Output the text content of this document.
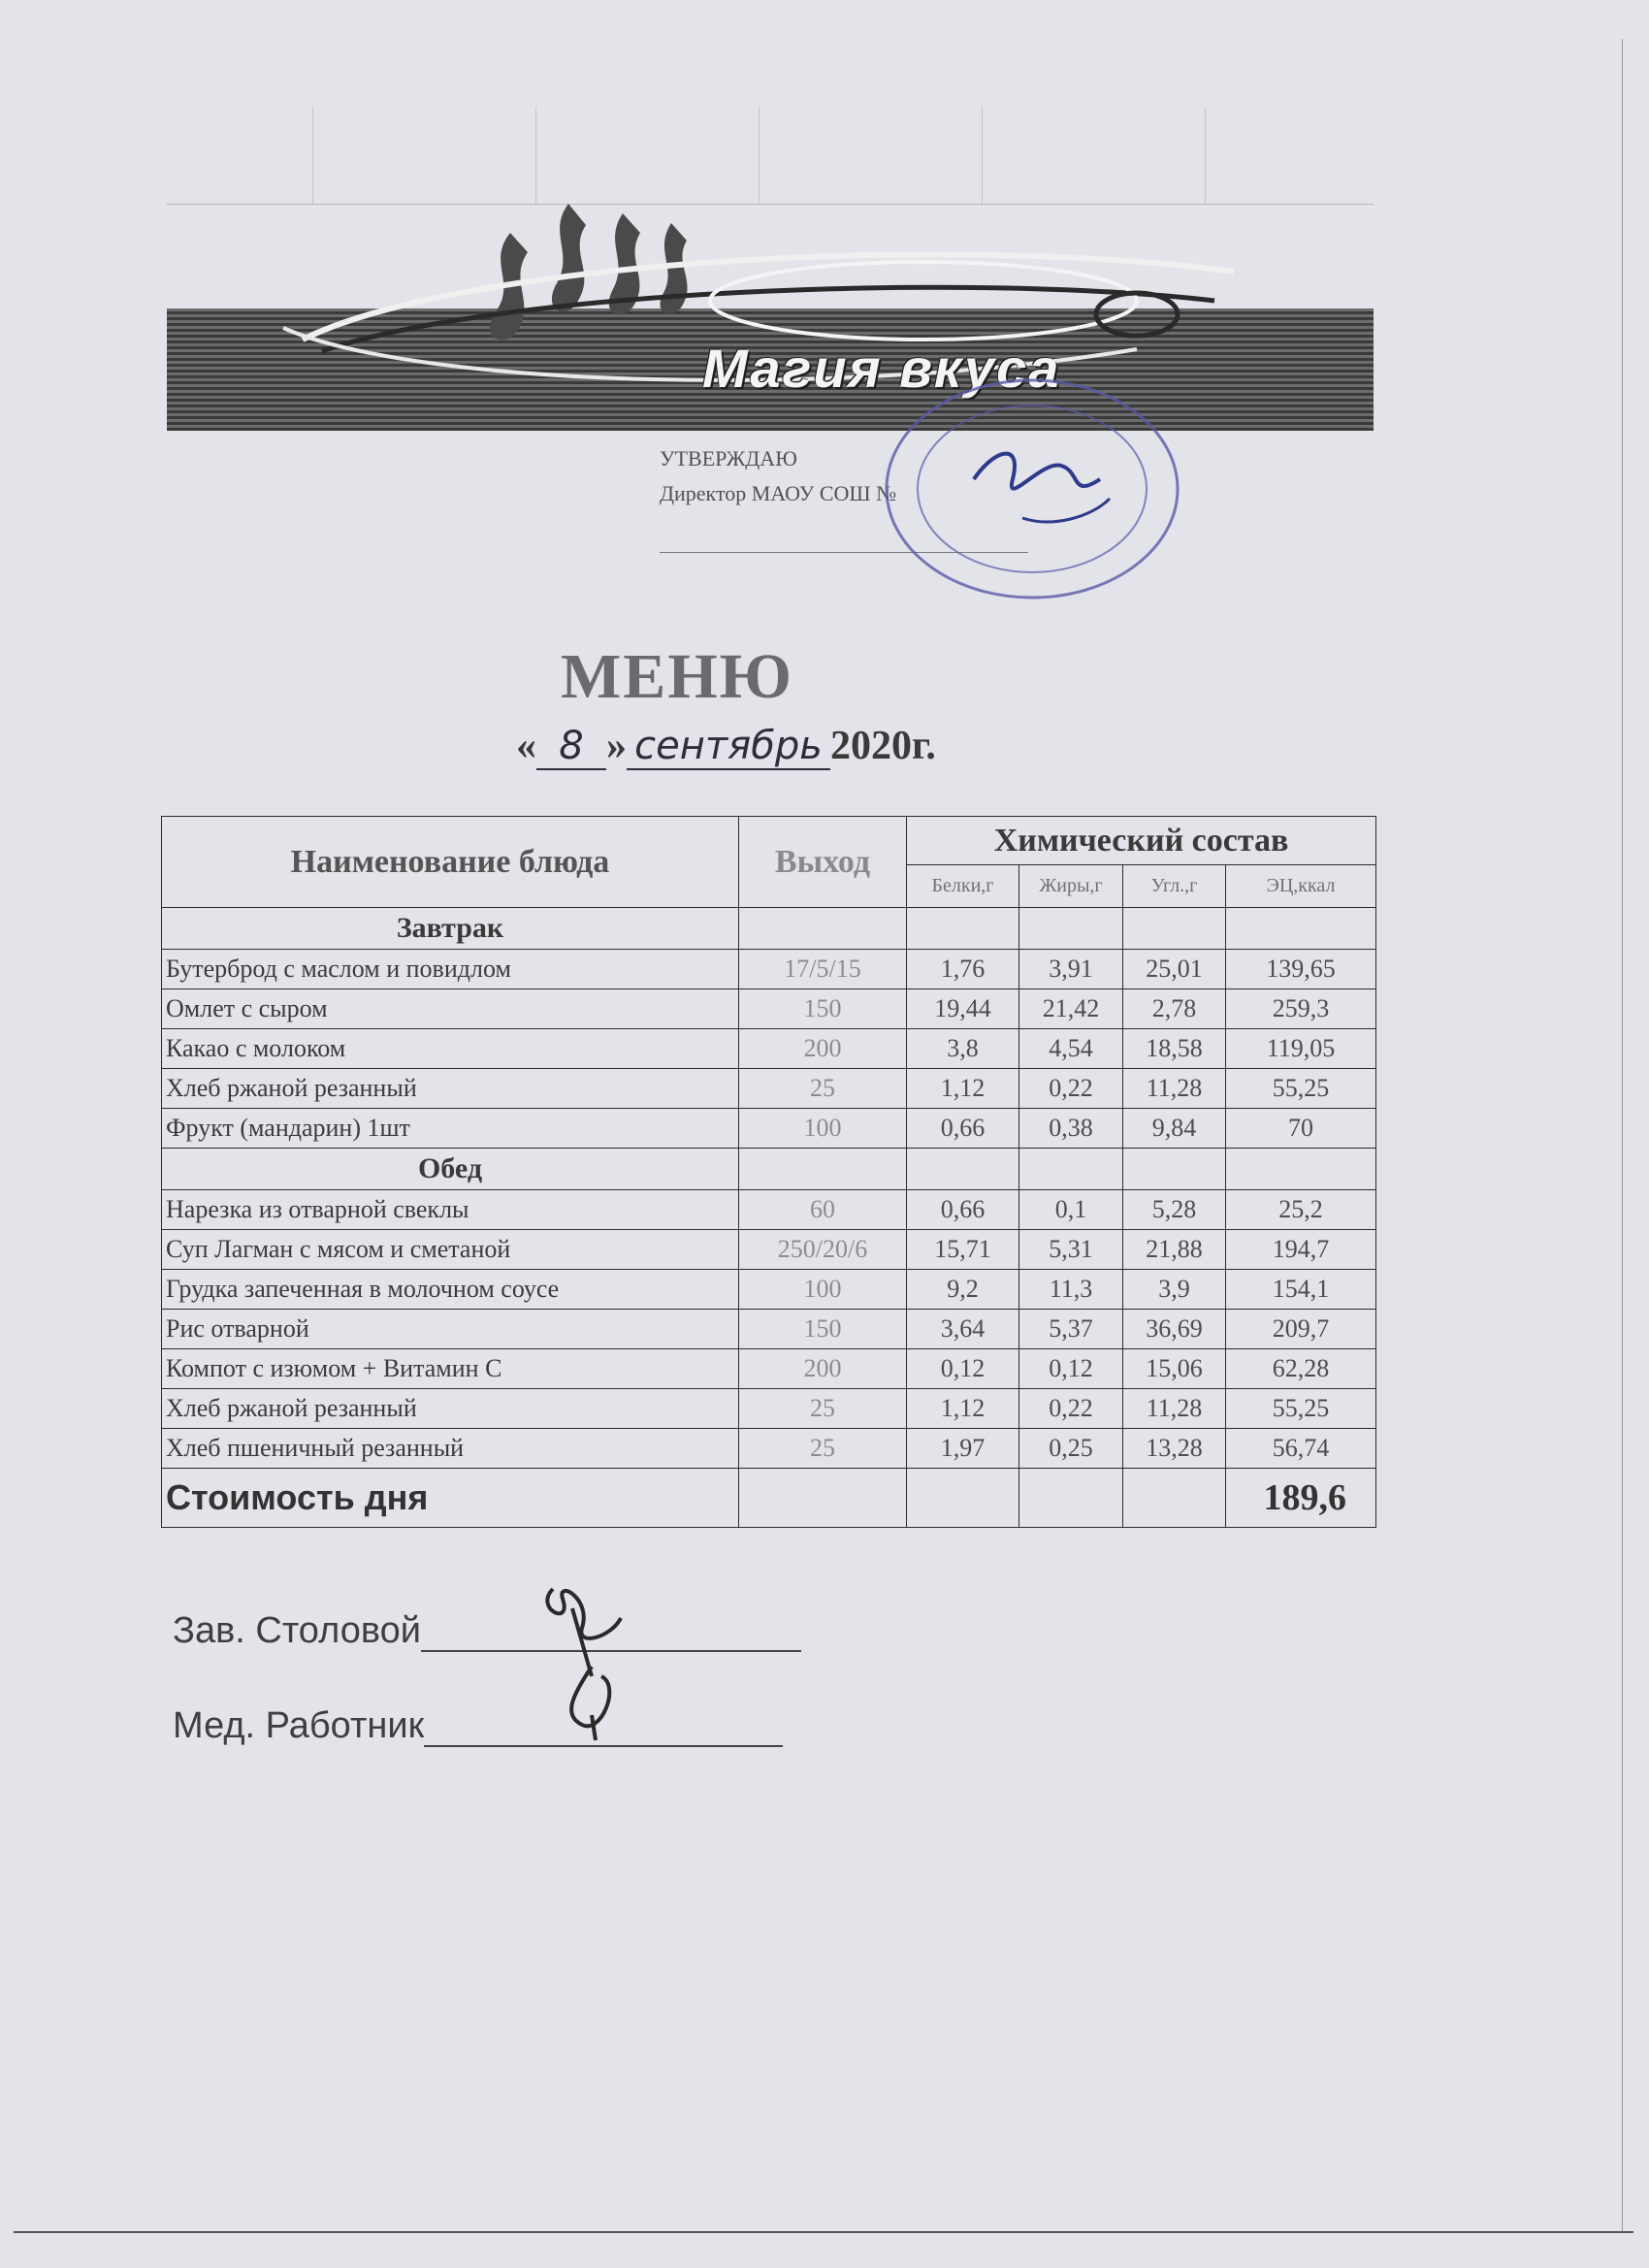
Магия вкуса
УТВЕРЖДАЮ
Директор МАОУ СОШ №
МЕНЮ
« 8 » сентябрь 2020г.
Наименование блюда	Выход	Химический состав			
		Белки,г	Жиры,г	Угл.,г	ЭЦ,ккал
Завтрак					
Бутерброд с маслом и повидлом	17/5/15	1,76	3,91	25,01	139,65
Омлет с сыром	150	19,44	21,42	2,78	259,3
Какао с молоком	200	3,8	4,54	18,58	119,05
Хлеб ржаной резанный	25	1,12	0,22	11,28	55,25
Фрукт (мандарин) 1шт	100	0,66	0,38	9,84	70
Обед					
Нарезка из отварной свеклы	60	0,66	0,1	5,28	25,2
Суп Лагман с мясом и сметаной	250/20/6	15,71	5,31	21,88	194,7
Грудка запеченная в молочном соусе	100	9,2	11,3	3,9	154,1
Рис отварной	150	3,64	5,37	36,69	209,7
Компот с изюмом + Витамин С	200	0,12	0,12	15,06	62,28
Хлеб ржаной резанный	25	1,12	0,22	11,28	55,25
Хлеб пшеничный резанный	25	1,97	0,25	13,28	56,74
Стоимость дня					189,6
Зав. Столовой
Мед. Работник
